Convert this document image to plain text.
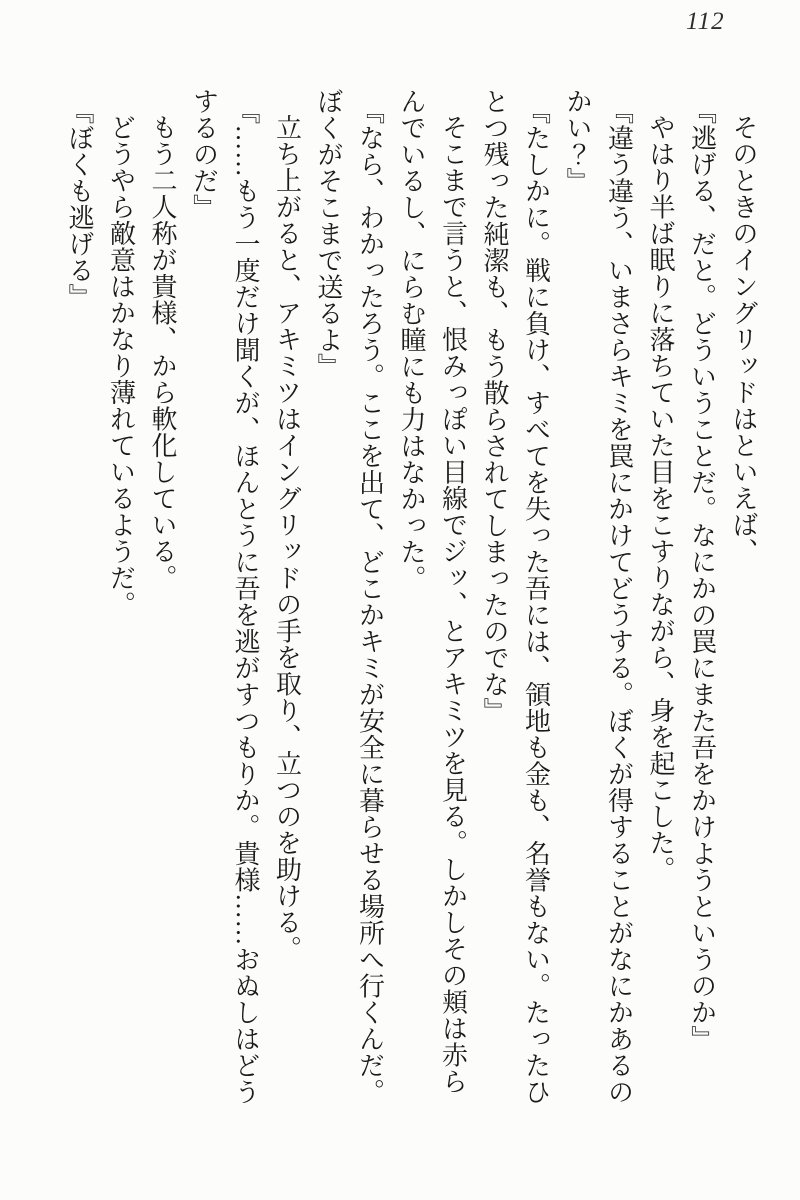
112

そのときのイングリッドはといえば、

『逃げる、だと。どういうことだ。なにかの罠にまた吾をかけようというのか』

やはり半ば眠りに落ちていた目をこすりながら、身を起こした。

『違う違う、いまさらキミを罠にかけてどうする。ぼくが得することがなにかあるの

かい？』

『たしかに。戦に負け、すべてを失った吾には、領地も金も、名誉もない。たったひ

とつ残った純潔も、もう散らされてしまったのでな』

そこまで言うと、恨みっぽい目線でジッ、とアキミツを見る。しかしその頬は赤ら

んでいるし、にらむ瞳にも力はなかった。

『なら、わかったろう。ここを出て、どこかキミが安全に暮らせる場所へ行くんだ。

ぼくがそこまで送るよ』

立ち上がると、アキミツはイングリッドの手を取り、立つのを助ける。

『……もう一度だけ聞くが、ほんとうに吾を逃がすつもりか。貴様……おぬしはどう

するのだ』

もう二人称が貴様、から軟化している。

どうやら敵意はかなり薄れているようだ。

『ぼくも逃げる』
